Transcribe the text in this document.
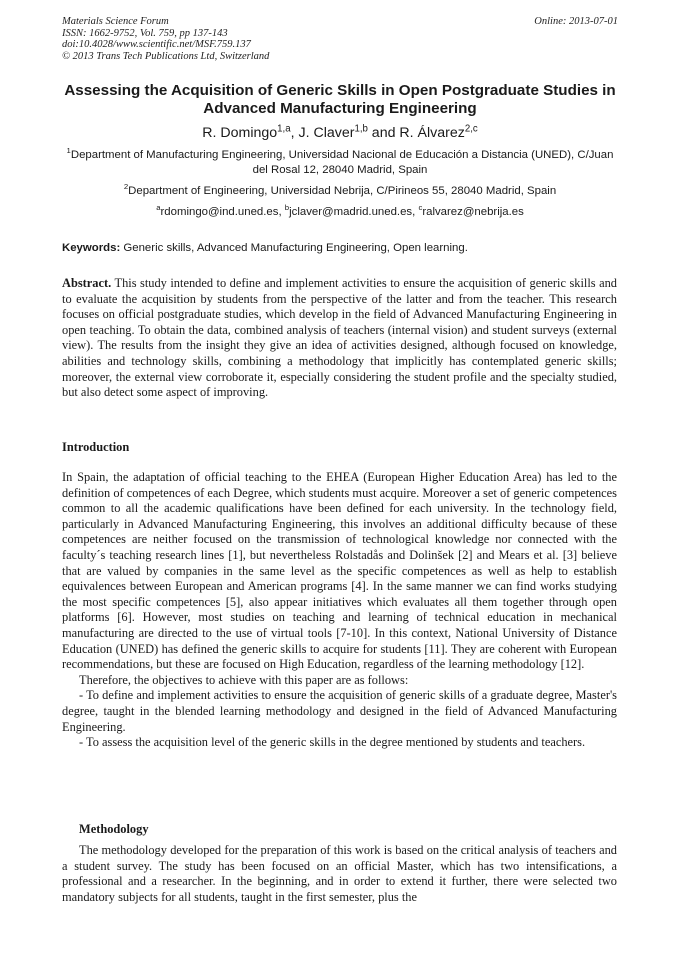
Materials Science Forum
ISSN: 1662-9752, Vol. 759, pp 137-143
doi:10.4028/www.scientific.net/MSF.759.137
© 2013 Trans Tech Publications Ltd, Switzerland
Online: 2013-07-01
Assessing the Acquisition of Generic Skills in Open Postgraduate Studies in Advanced Manufacturing Engineering
R. Domingo$^{1,a}$, J. Claver$^{1,b}$ and R. Álvarez$^{2,c}$
$^1$Department of Manufacturing Engineering, Universidad Nacional de Educación a Distancia (UNED), C/Juan del Rosal 12, 28040 Madrid, Spain
$^2$Department of Engineering, Universidad Nebrija, C/Pirineos 55, 28040 Madrid, Spain
$^a$rdomingo@ind.uned.es, $^b$jclaver@madrid.uned.es, $^c$ralvarez@nebrija.es
Keywords: Generic skills, Advanced Manufacturing Engineering, Open learning.
Abstract. This study intended to define and implement activities to ensure the acquisition of generic skills and to evaluate the acquisition by students from the perspective of the latter and from the teacher. This research focuses on official postgraduate studies, which develop in the field of Advanced Manufacturing Engineering in open teaching. To obtain the data, combined analysis of teachers (internal vision) and student surveys (external view). The results from the insight they give an idea of activities designed, although focused on knowledge, abilities and technology skills, combining a methodology that implicitly has contemplated generic skills; moreover, the external view corroborate it, especially considering the student profile and the specialty studied, but also detect some aspect of improving.
Introduction
In Spain, the adaptation of official teaching to the EHEA (European Higher Education Area) has led to the definition of competences of each Degree, which students must acquire. Moreover a set of generic competences common to all the academic qualifications have been defined for each university. In the technology field, particularly in Advanced Manufacturing Engineering, this involves an additional difficulty because of these competences are neither focused on the transmission of technological knowledge nor connected with the faculty´s teaching research lines [1], but nevertheless Rolstadås and Dolinšek [2] and Mears et al. [3] believe that are valued by companies in the same level as the specific competences as well as help to establish equivalences between European and American programs [4]. In the same manner we can find works studying the most specific competences [5], also appear initiatives which evaluates all them together through open platforms [6]. However, most studies on teaching and learning of technical education in mechanical manufacturing are directed to the use of virtual tools [7-10]. In this context, National University of Distance Education (UNED) has defined the generic skills to acquire for students [11]. They are coherent with European recommendations, but these are focused on High Education, regardless of the learning methodology [12].
Therefore, the objectives to achieve with this paper are as follows:
- To define and implement activities to ensure the acquisition of generic skills of a graduate degree, Master's degree, taught in the blended learning methodology and designed in the field of Advanced Manufacturing Engineering.
- To assess the acquisition level of the generic skills in the degree mentioned by students and teachers.
Methodology
The methodology developed for the preparation of this work is based on the critical analysis of teachers and a student survey. The study has been focused on an official Master, which has two intensifications, a professional and a researcher. In the beginning, and in order to extend it further, there were selected two mandatory subjects for all students, taught in the first semester, plus the
